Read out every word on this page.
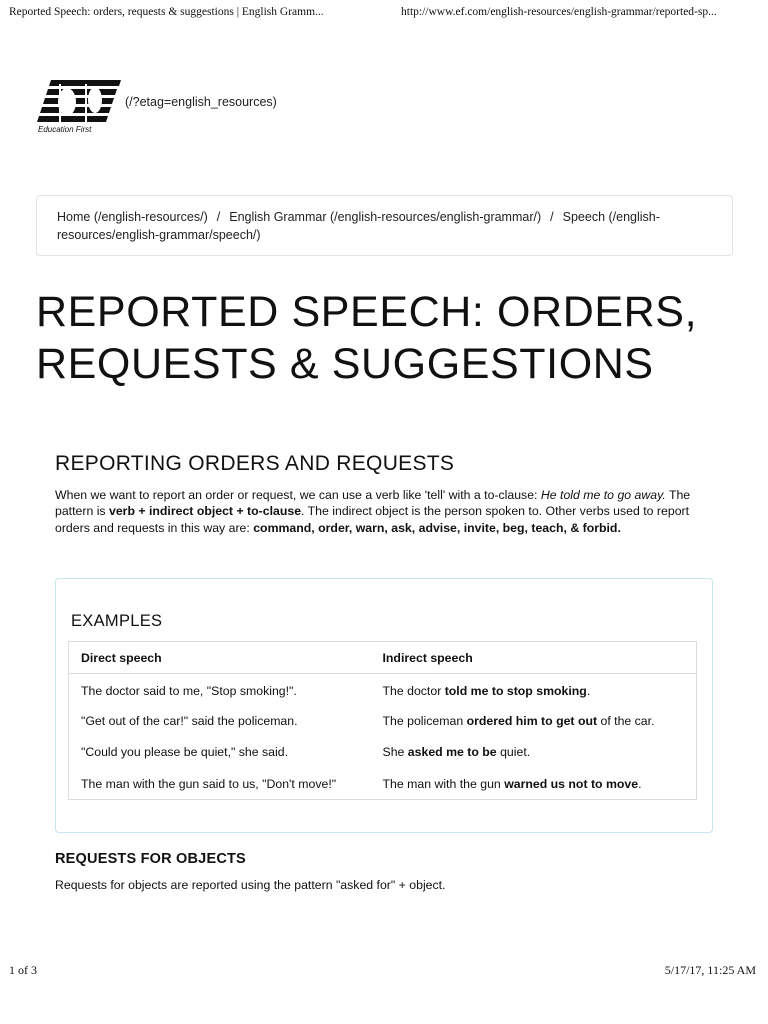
Reported Speech: orders, requests & suggestions | English Gramm...	http://www.ef.com/english-resources/english-grammar/reported-sp...
Education First
(/?etag=english_resources)
Home (/english-resources/) / English Grammar (/english-resources/english-grammar/) / Speech (/english-resources/english-grammar/speech/)
REPORTED SPEECH: ORDERS, REQUESTS & SUGGESTIONS
REPORTING ORDERS AND REQUESTS

When we want to report an order or request, we can use a verb like 'tell' with a to-clause: He told me to go away. The pattern is verb + indirect object + to-clause. The indirect object is the person spoken to. Other verbs used to report orders and requests in this way are: command, order, warn, ask, advise, invite, beg, teach, & forbid.

EXAMPLES
Direct speech	Indirect speech
The doctor said to me, "Stop smoking!".	The doctor told me to stop smoking.
"Get out of the car!" said the policeman.	The policeman ordered him to get out of the car.
"Could you please be quiet," she said.	She asked me to be quiet.
The man with the gun said to us, "Don't move!"	The man with the gun warned us not to move.
REQUESTS FOR OBJECTS

Requests for objects are reported using the pattern "asked for" + object.

1 of 3	5/17/17, 11:25 AM
